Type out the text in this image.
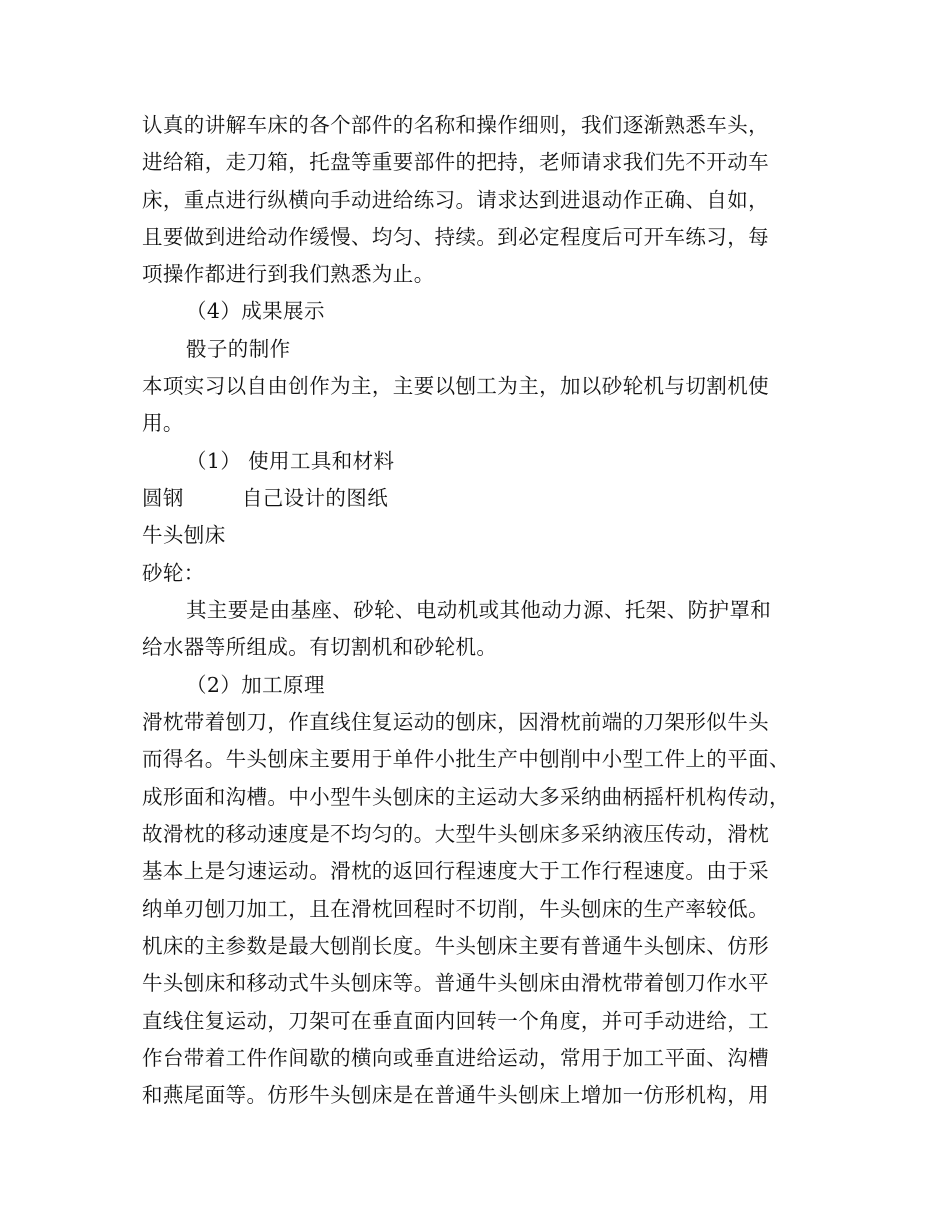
认真的讲解车床的各个部件的名称和操作细则，我们逐渐熟悉车头，
进给箱，走刀箱，托盘等重要部件的把持，老师请求我们先不开动车
床，重点进行纵横向手动进给练习。请求达到进退动作正确、自如，
且要做到进给动作缓慢、均匀、持续。到必定程度后可开车练习，每
项操作都进行到我们熟悉为止。
（4）成果展示
骰子的制作
本项实习以自由创作为主，主要以刨工为主，加以砂轮机与切割机使
用。
（1） 使用工具和材料
圆钢	自己设计的图纸
牛头刨床
砂轮：
其主要是由基座、砂轮、电动机或其他动力源、托架、防护罩和
给水器等所组成。有切割机和砂轮机。
（2）加工原理
滑枕带着刨刀，作直线住复运动的刨床，因滑枕前端的刀架形似牛头
而得名。牛头刨床主要用于单件小批生产中刨削中小型工件上的平面、
成形面和沟槽。中小型牛头刨床的主运动大多采纳曲柄摇杆机构传动，
故滑枕的移动速度是不均匀的。大型牛头刨床多采纳液压传动，滑枕
基本上是匀速运动。滑枕的返回行程速度大于工作行程速度。由于采
纳单刃刨刀加工，且在滑枕回程时不切削，牛头刨床的生产率较低。
机床的主参数是最大刨削长度。牛头刨床主要有普通牛头刨床、仿形
牛头刨床和移动式牛头刨床等。普通牛头刨床由滑枕带着刨刀作水平
直线住复运动，刀架可在垂直面内回转一个角度，并可手动进给，工
作台带着工件作间歇的横向或垂直进给运动，常用于加工平面、沟槽
和燕尾面等。仿形牛头刨床是在普通牛头刨床上增加一仿形机构，用
